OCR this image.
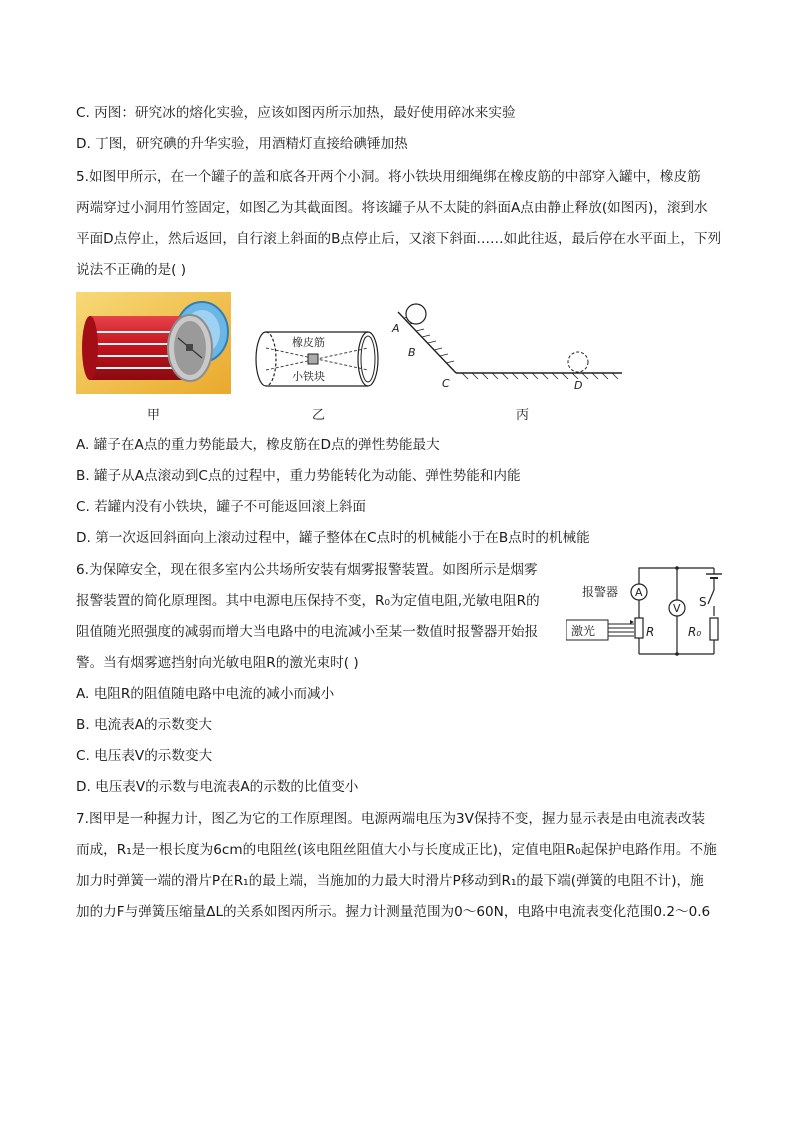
C. 丙图：研究冰的熔化实验，应该如图丙所示加热，最好使用碎冰来实验
D. 丁图，研究碘的升华实验，用酒精灯直接给碘锤加热
5.如图甲所示，在一个罐子的盖和底各开两个小洞。将小铁块用细绳绑在橡皮筋的中部穿入罐中，橡皮筋
两端穿过小洞用竹签固定，如图乙为其截面图。将该罐子从不太陡的斜面A点由静止释放(如图丙)，滚到水
平面D点停止，然后返回，自行滚上斜面的B点停止后，又滚下斜面……如此往返，最后停在水平面上，下列
说法不正确的是( )
甲
橡皮筋
小铁块
乙
A
B
C	D
丙
A. 罐子在A点的重力势能最大，橡皮筋在D点的弹性势能最大
B. 罐子从A点滚动到C点的过程中，重力势能转化为动能、弹性势能和内能
C. 若罐内没有小铁块，罐子不可能返回滚上斜面
D. 第一次返回斜面向上滚动过程中，罐子整体在C点时的机械能小于在B点时的机械能
6.为保障安全，现在很多室内公共场所安装有烟雾报警装置。如图所示是烟雾
报警装置的简化原理图。其中电源电压保持不变，R₀为定值电阻,光敏电阻R的
阻值随光照强度的减弱而增大当电路中的电流减小至某一数值时报警器开始报
警。当有烟雾遮挡射向光敏电阻R的激光束时( )
A
V S
激光
报警器
R	R₀
A. 电阻R的阻值随电路中电流的减小而减小
B. 电流表A的示数变大
C. 电压表V的示数变大
D. 电压表V的示数与电流表A的示数的比值变小
7.图甲是一种握力计，图乙为它的工作原理图。电源两端电压为3V保持不变，握力显示表是由电流表改装
而成，R₁是一根长度为6cm的电阻丝(该电阻丝阻值大小与长度成正比)，定值电阻R₀起保护电路作用。不施
加力时弹簧一端的滑片P在R₁的最上端，当施加的力最大时滑片P移动到R₁的最下端(弹簧的电阻不计)，施
加的力F与弹簧压缩量ΔL的关系如图丙所示。握力计测量范围为0～60N，电路中电流表变化范围0.2～0.6
